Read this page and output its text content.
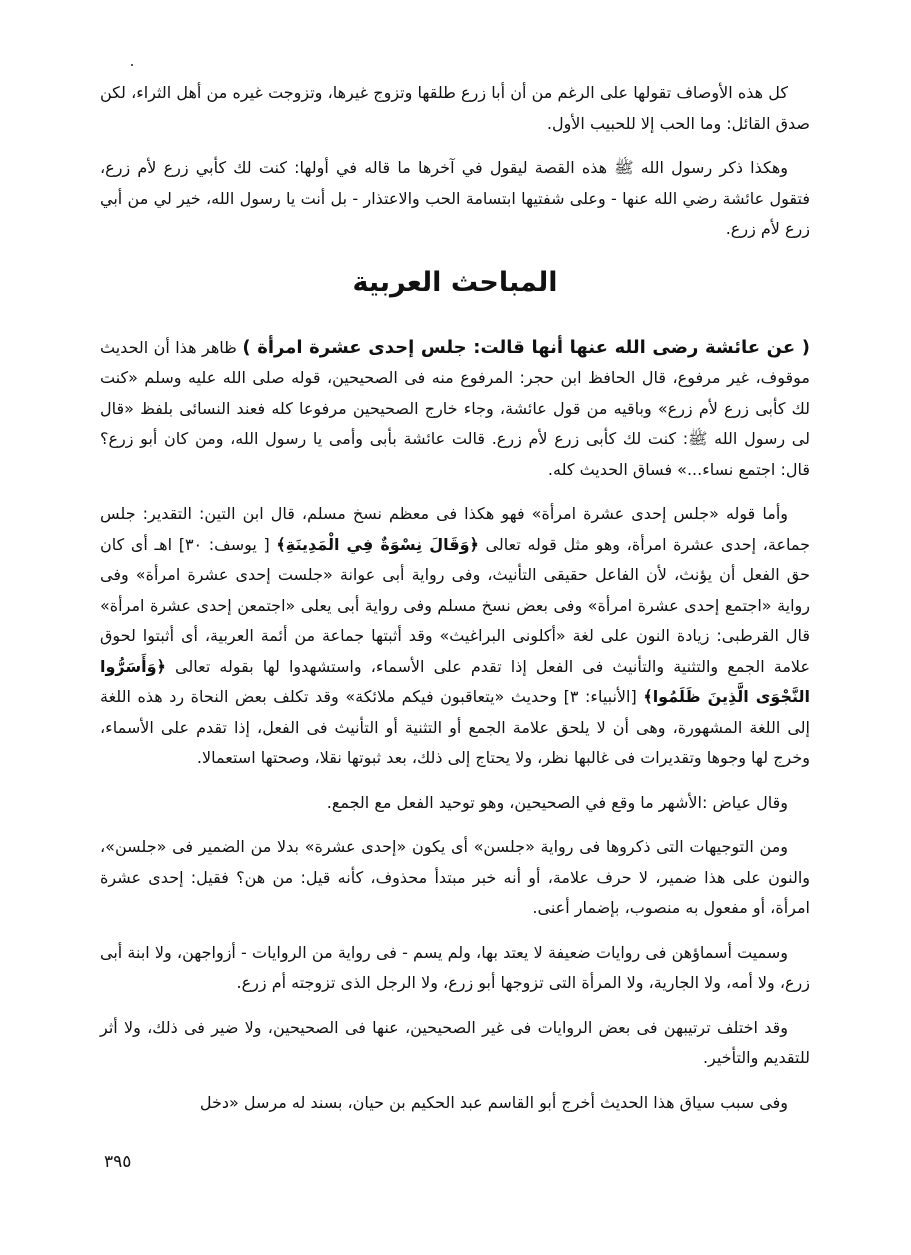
كل هذه الأوصاف تقولها على الرغم من أن أبا زرع طلقها وتزوج غيرها، وتزوجت غيره من أهل الثراء، لكن صدق القائل: وما الحب إلا للحبيب الأول.

وهكذا ذكر رسول الله ﷺ هذه القصة ليقول في آخرها ما قاله في أولها: كنت لك كأبي زرع لأم زرع، فتقول عائشة رضي الله عنها - وعلى شفتيها ابتسامة الحب والاعتذار - بل أنت يا رسول الله، خير لي من أبي زرع لأم زرع.

المباحث العربية

( عن عائشة رضى الله عنها أنها قالت: جلس إحدى عشرة امرأة ) ظاهر هذا أن الحديث موقوف، غير مرفوع، قال الحافظ ابن حجر: المرفوع منه فى الصحيحين، قوله صلى الله عليه وسلم «كنت لك كأبى زرع لأم زرع» وباقيه من قول عائشة، وجاء خارج الصحيحين مرفوعا كله فعند النسائى بلفظ «قال لى رسول الله ﷺ: كنت لك كأبى زرع لأم زرع. قالت عائشة بأبى وأمى يا رسول الله، ومن كان أبو زرع؟ قال: اجتمع نساء...» فساق الحديث كله.

وأما قوله «جلس إحدى عشرة امرأة» فهو هكذا فى معظم نسخ مسلم، قال ابن التين: التقدير: جلس جماعة، إحدى عشرة امرأة، وهو مثل قوله تعالى ﴿وَقَالَ نِسْوَةٌ فِي الْمَدِينَةِ﴾ [ يوسف: ٣٠] اهـ أى كان حق الفعل أن يؤنث، لأن الفاعل حقيقى التأنيث، وفى رواية أبى عوانة «جلست إحدى عشرة امرأة» وفى رواية «اجتمع إحدى عشرة امرأة» وفى بعض نسخ مسلم وفى رواية أبى يعلى «اجتمعن إحدى عشرة امرأة» قال القرطبى: زيادة النون على لغة «أكلونى البراغيث» وقد أثبتها جماعة من أئمة العربية، أى أثبتوا لحوق علامة الجمع والتثنية والتأنيث فى الفعل إذا تقدم على الأسماء، واستشهدوا لها بقوله تعالى ﴿وَأَسَرُّوا النَّجْوَى الَّذِينَ ظَلَمُوا﴾ [الأنبياء: ٣] وحديث «يتعاقبون فيكم ملائكة» وقد تكلف بعض النحاة رد هذه اللغة إلى اللغة المشهورة، وهى أن لا يلحق علامة الجمع أو التثنية أو التأنيث فى الفعل، إذا تقدم على الأسماء، وخرج لها وجوها وتقديرات فى غالبها نظر، ولا يحتاج إلى ذلك، بعد ثبوتها نقلا، وصحتها استعمالا.

وقال عياض :الأشهر ما وقع في الصحيحين، وهو توحيد الفعل مع الجمع.

ومن التوجيهات التى ذكروها فى رواية «جلسن» أى يكون «إحدى عشرة» بدلا من الضمير فى «جلسن»، والنون على هذا ضمير، لا حرف علامة، أو أنه خبر مبتدأ محذوف، كأنه قيل: من هن؟ فقيل: إحدى عشرة امرأة، أو مفعول به منصوب، بإضمار أعنى.

وسميت أسماؤهن فى روايات ضعيفة لا يعتد بها، ولم يسم - فى رواية من الروايات - أزواجهن، ولا ابنة أبى زرع، ولا أمه، ولا الجارية، ولا المرأة التى تزوجها أبو زرع، ولا الرجل الذى تزوجته أم زرع.

وقد اختلف ترتيبهن فى بعض الروايات فى غير الصحيحين، عنها فى الصحيحين، ولا ضير فى ذلك، ولا أثر للتقديم والتأخير.

وفى سبب سياق هذا الحديث أخرج أبو القاسم عبد الحكيم بن حيان، بسند له مرسل «دخل

٣٩٥
